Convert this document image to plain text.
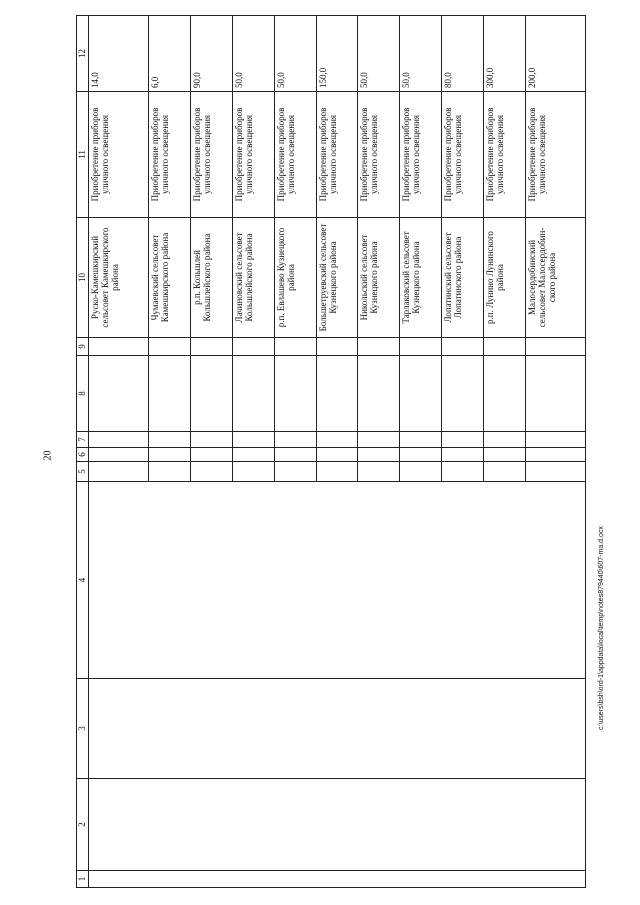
20
1	2	3	4	5	6	7	8	9	10	11	12
									Руско-Камешкирский сельсовет Камешкирского района	Приобретение приборов уличного освещения	14,0
									Чумаевский сельсовет Камешкирского района	Приобретение приборов уличного освещения	6,0
									р.п. Кольшлей Кольшлейского района	Приобретение приборов уличного освещения	90,0
									Лачиновский сельсовет Кольшлейского района	Приобретение приборов уличного освещения	50,0
									р.п. Евлашево Кузнецкого района	Приобретение приборов уличного освещения	50,0
									Большетруевский сельсовет Кузнецкого района	Приобретение приборов уличного освещения	150,0
									Никольский сельсовет Кузнецкого района	Приобретение приборов уличного освещения	50,0
									Тарлаковский сельсовет Кузнецкого района	Приобретение приборов уличного освещения	50,0
									Лопатинский сельсовет Лопатинского района	Приобретение приборов уличного освещения	80,0
									р.п. Лунино Лунинского района	Приобретение приборов уличного освещения	300,0
									Малосердобинский сельсовет Малосердобин-ского района	Приобретение приборов уличного освещения	200,0
c:\users\bsh\ord-1\appdata\local\temp\notes879440\607-ma.d.ocx
